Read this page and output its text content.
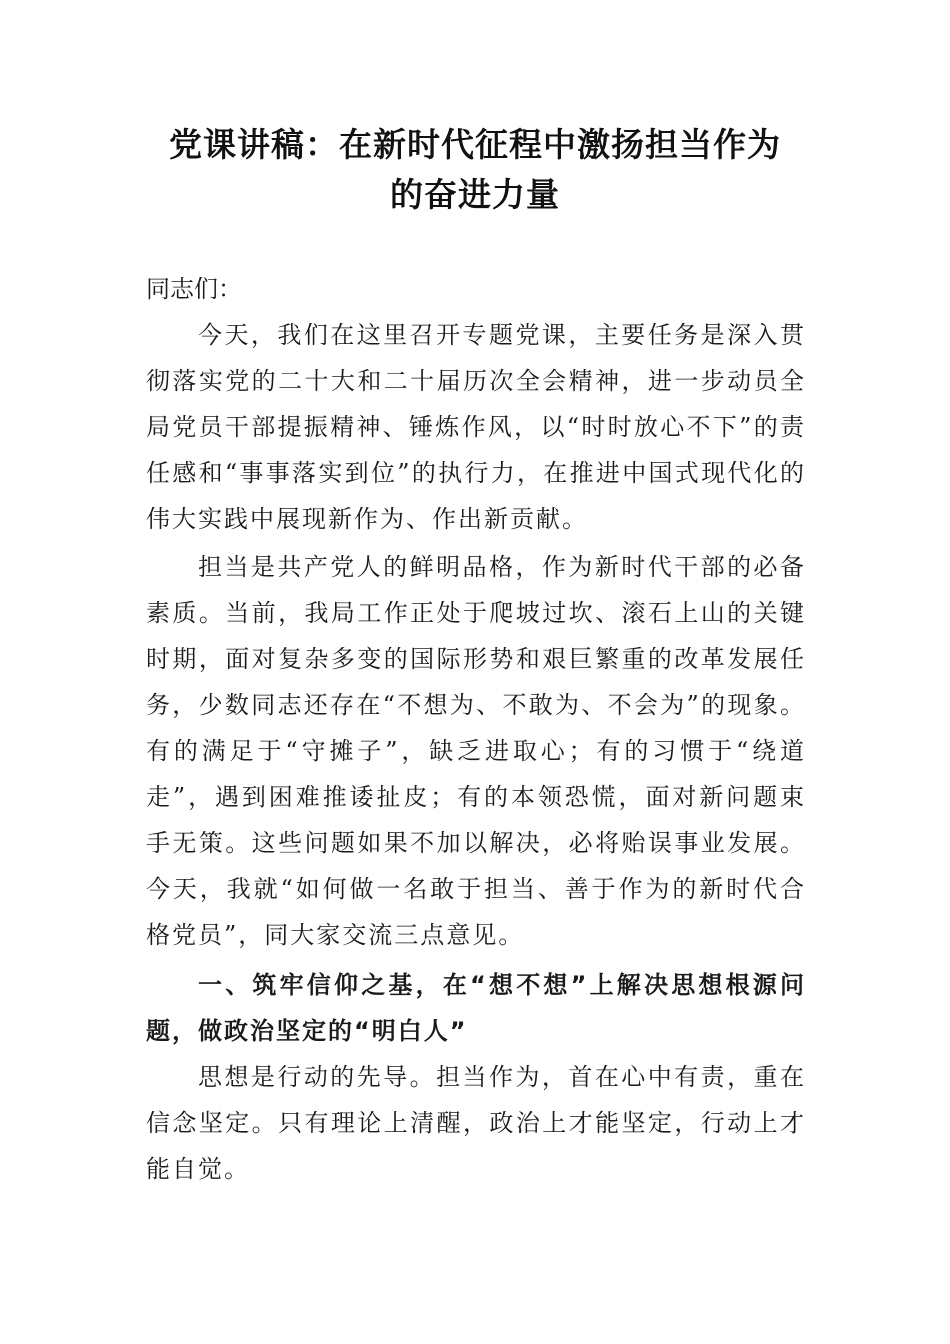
党课讲稿：在新时代征程中激扬担当作为
的奋进力量
同志们：
今天，我们在这里召开专题党课，主要任务是深入贯彻落实党的二十大和二十届历次全会精神，进一步动员全局党员干部提振精神、锤炼作风，以“时时放心不下”的责任感和“事事落实到位”的执行力，在推进中国式现代化的伟大实践中展现新作为、作出新贡献。
担当是共产党人的鲜明品格，作为新时代干部的必备素质。当前，我局工作正处于爬坡过坎、滚石上山的关键时期，面对复杂多变的国际形势和艰巨繁重的改革发展任务，少数同志还存在“不想为、不敢为、不会为”的现象。有的满足于“守摊子”，缺乏进取心；有的习惯于“绕道走”，遇到困难推诿扯皮；有的本领恐慌，面对新问题束手无策。这些问题如果不加以解决，必将贻误事业发展。今天，我就“如何做一名敢于担当、善于作为的新时代合格党员”，同大家交流三点意见。
一、筑牢信仰之基，在“想不想”上解决思想根源问题，做政治坚定的“明白人”
思想是行动的先导。担当作为，首在心中有责，重在信念坚定。只有理论上清醒，政治上才能坚定，行动上才能自觉。
